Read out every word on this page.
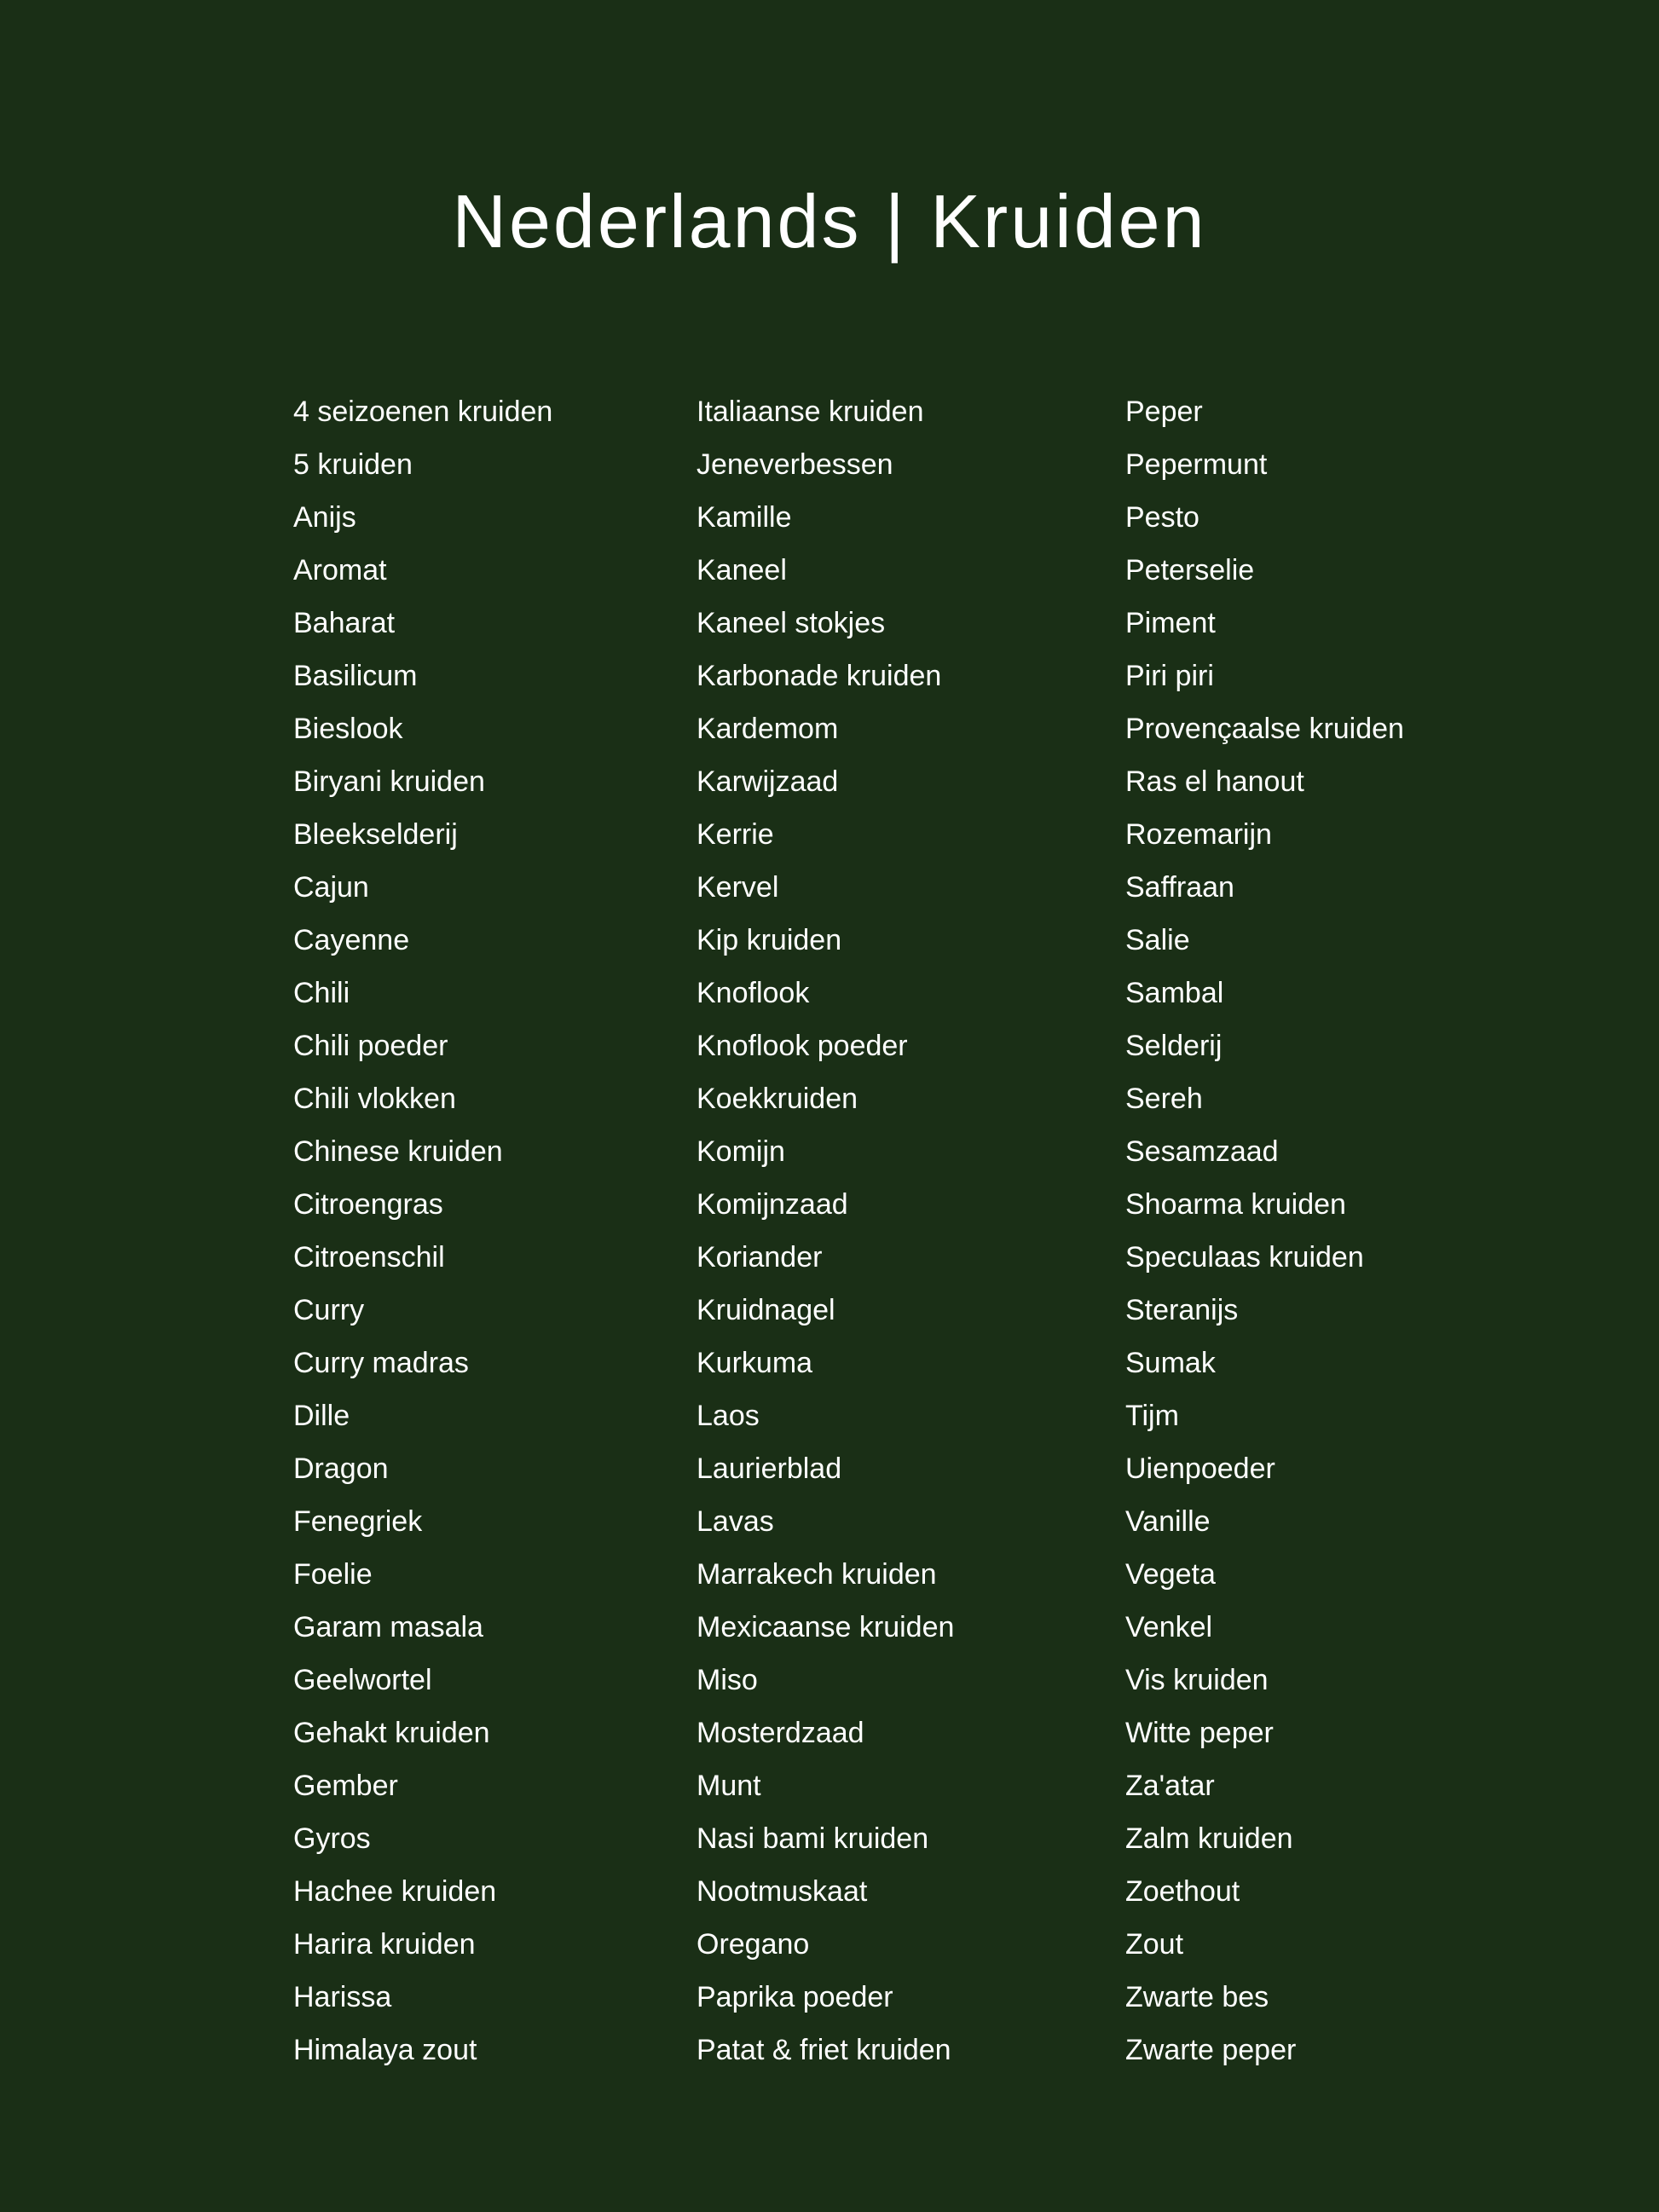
Nederlands | Kruiden
4 seizoenen kruiden
5 kruiden
Anijs
Aromat
Baharat
Basilicum
Bieslook
Biryani kruiden
Bleekselderij
Cajun
Cayenne
Chili
Chili poeder
Chili vlokken
Chinese kruiden
Citroengras
Citroenschil
Curry
Curry madras
Dille
Dragon
Fenegriek
Foelie
Garam masala
Geelwortel
Gehakt kruiden
Gember
Gyros
Hachee kruiden
Harira kruiden
Harissa
Himalaya zout
Italiaanse kruiden
Jeneverbessen
Kamille
Kaneel
Kaneel stokjes
Karbonade kruiden
Kardemom
Karwijzaad
Kerrie
Kervel
Kip kruiden
Knoflook
Knoflook poeder
Koekkruiden
Komijn
Komijnzaad
Koriander
Kruidnagel
Kurkuma
Laos
Laurierblad
Lavas
Marrakech kruiden
Mexicaanse kruiden
Miso
Mosterdzaad
Munt
Nasi bami kruiden
Nootmuskaat
Oregano
Paprika poeder
Patat & friet kruiden
Peper
Pepermunt
Pesto
Peterselie
Piment
Piri piri
Provençaalse kruiden
Ras el hanout
Rozemarijn
Saffraan
Salie
Sambal
Selderij
Sereh
Sesamzaad
Shoarma kruiden
Speculaas kruiden
Steranijs
Sumak
Tijm
Uienpoeder
Vanille
Vegeta
Venkel
Vis kruiden
Witte peper
Za'atar
Zalm kruiden
Zoethout
Zout
Zwarte bes
Zwarte peper
